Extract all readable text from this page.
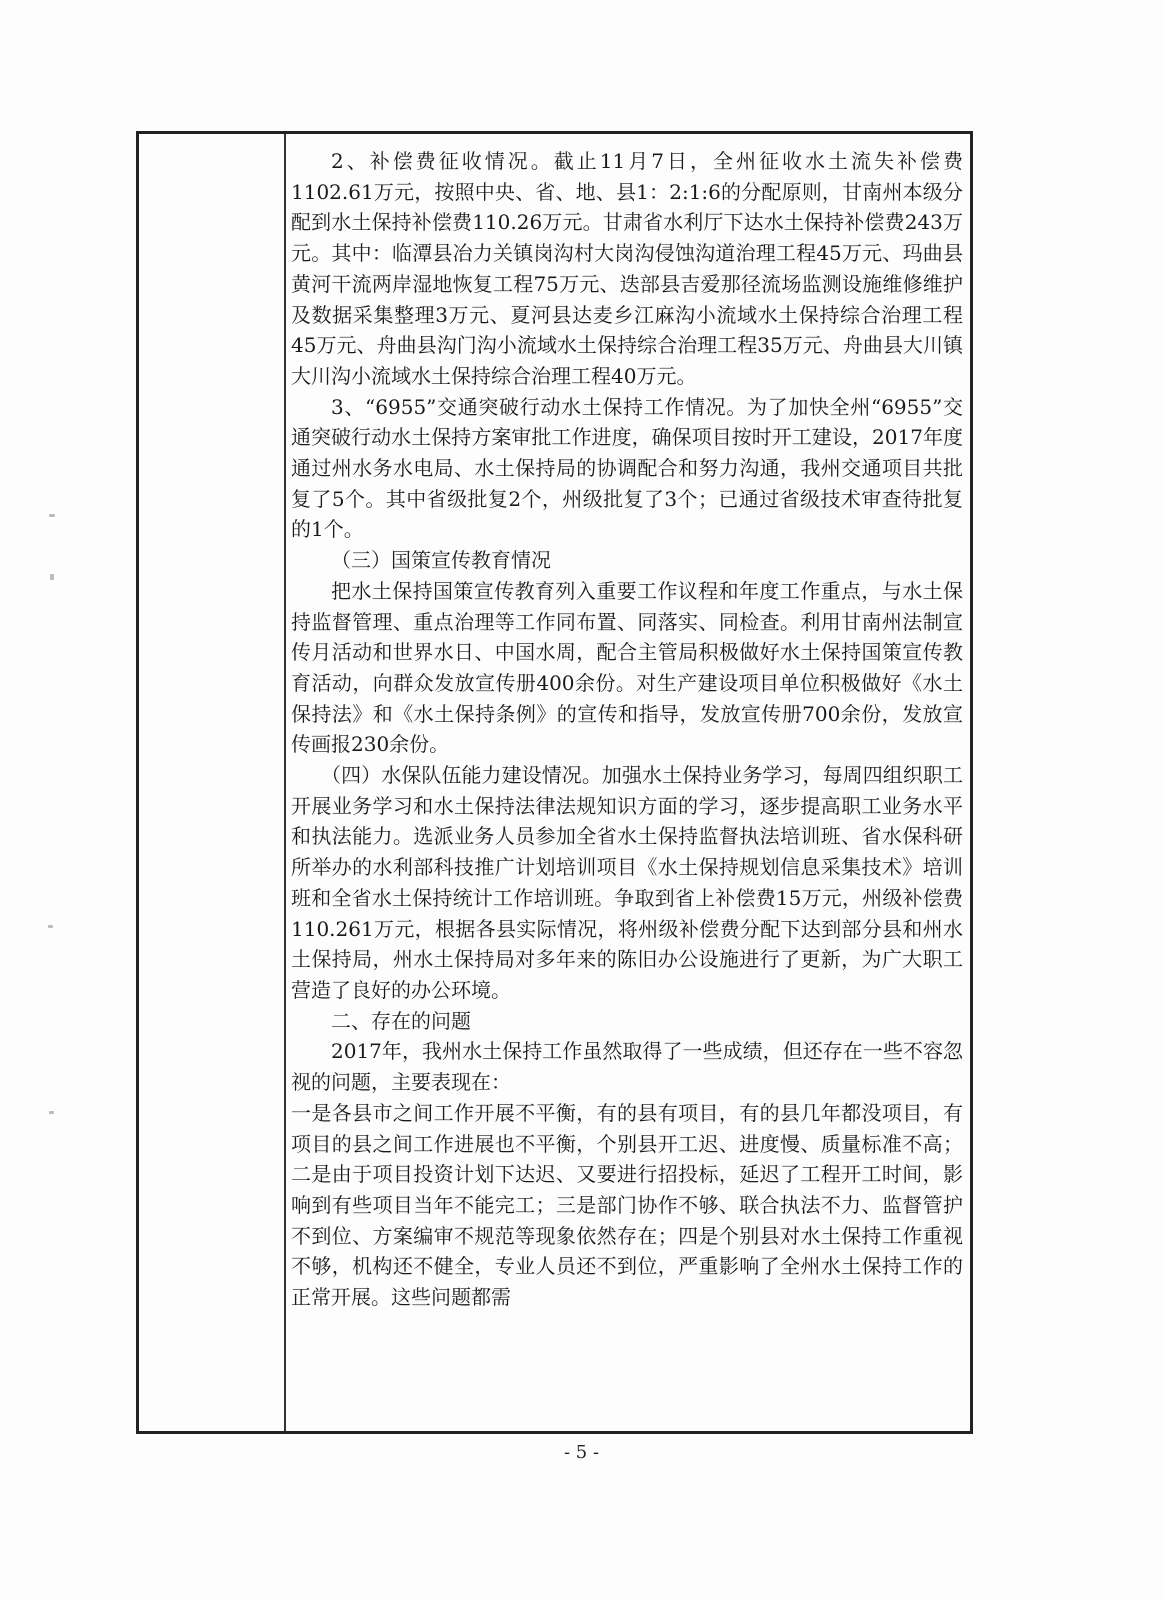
2、补偿费征收情况。截止11月7日，全州征收水土流失补偿费1102.61万元，按照中央、省、地、县1：2:1:6的分配原则，甘南州本级分配到水土保持补偿费110.26万元。甘肃省水利厅下达水土保持补偿费243万元。其中：临潭县冶力关镇岗沟村大岗沟侵蚀沟道治理工程45万元、玛曲县黄河干流两岸湿地恢复工程75万元、迭部县吉爱那径流场监测设施维修维护及数据采集整理3万元、夏河县达麦乡江麻沟小流域水土保持综合治理工程45万元、舟曲县沟门沟小流域水土保持综合治理工程35万元、舟曲县大川镇大川沟小流域水土保持综合治理工程40万元。

3、“6955”交通突破行动水土保持工作情况。为了加快全州“6955”交通突破行动水土保持方案审批工作进度，确保项目按时开工建设，2017年度通过州水务水电局、水土保持局的协调配合和努力沟通，我州交通项目共批复了5个。其中省级批复2个，州级批复了3个；已通过省级技术审查待批复的1个。

（三）国策宣传教育情况

把水土保持国策宣传教育列入重要工作议程和年度工作重点，与水土保持监督管理、重点治理等工作同布置、同落实、同检查。利用甘南州法制宣传月活动和世界水日、中国水周，配合主管局积极做好水土保持国策宣传教育活动，向群众发放宣传册400余份。对生产建设项目单位积极做好《水土保持法》和《水土保持条例》的宣传和指导，发放宣传册700余份，发放宣传画报230余份。

（四）水保队伍能力建设情况。加强水土保持业务学习，每周四组织职工开展业务学习和水土保持法律法规知识方面的学习，逐步提高职工业务水平和执法能力。选派业务人员参加全省水土保持监督执法培训班、省水保科研所举办的水利部科技推广计划培训项目《水土保持规划信息采集技术》培训班和全省水土保持统计工作培训班。争取到省上补偿费15万元，州级补偿费110.261万元，根据各县实际情况，将州级补偿费分配下达到部分县和州水土保持局，州水土保持局对多年来的陈旧办公设施进行了更新，为广大职工营造了良好的办公环境。

二、存在的问题

2017年，我州水土保持工作虽然取得了一些成绩，但还存在一些不容忽视的问题，主要表现在：

一是各县市之间工作开展不平衡，有的县有项目，有的县几年都没项目，有项目的县之间工作进展也不平衡，个别县开工迟、进度慢、质量标准不高；二是由于项目投资计划下达迟、又要进行招投标，延迟了工程开工时间，影响到有些项目当年不能完工；三是部门协作不够、联合执法不力、监督管护不到位、方案编审不规范等现象依然存在；四是个别县对水土保持工作重视不够，机构还不健全，专业人员还不到位，严重影响了全州水土保持工作的正常开展。这些问题都需

- 5 -
